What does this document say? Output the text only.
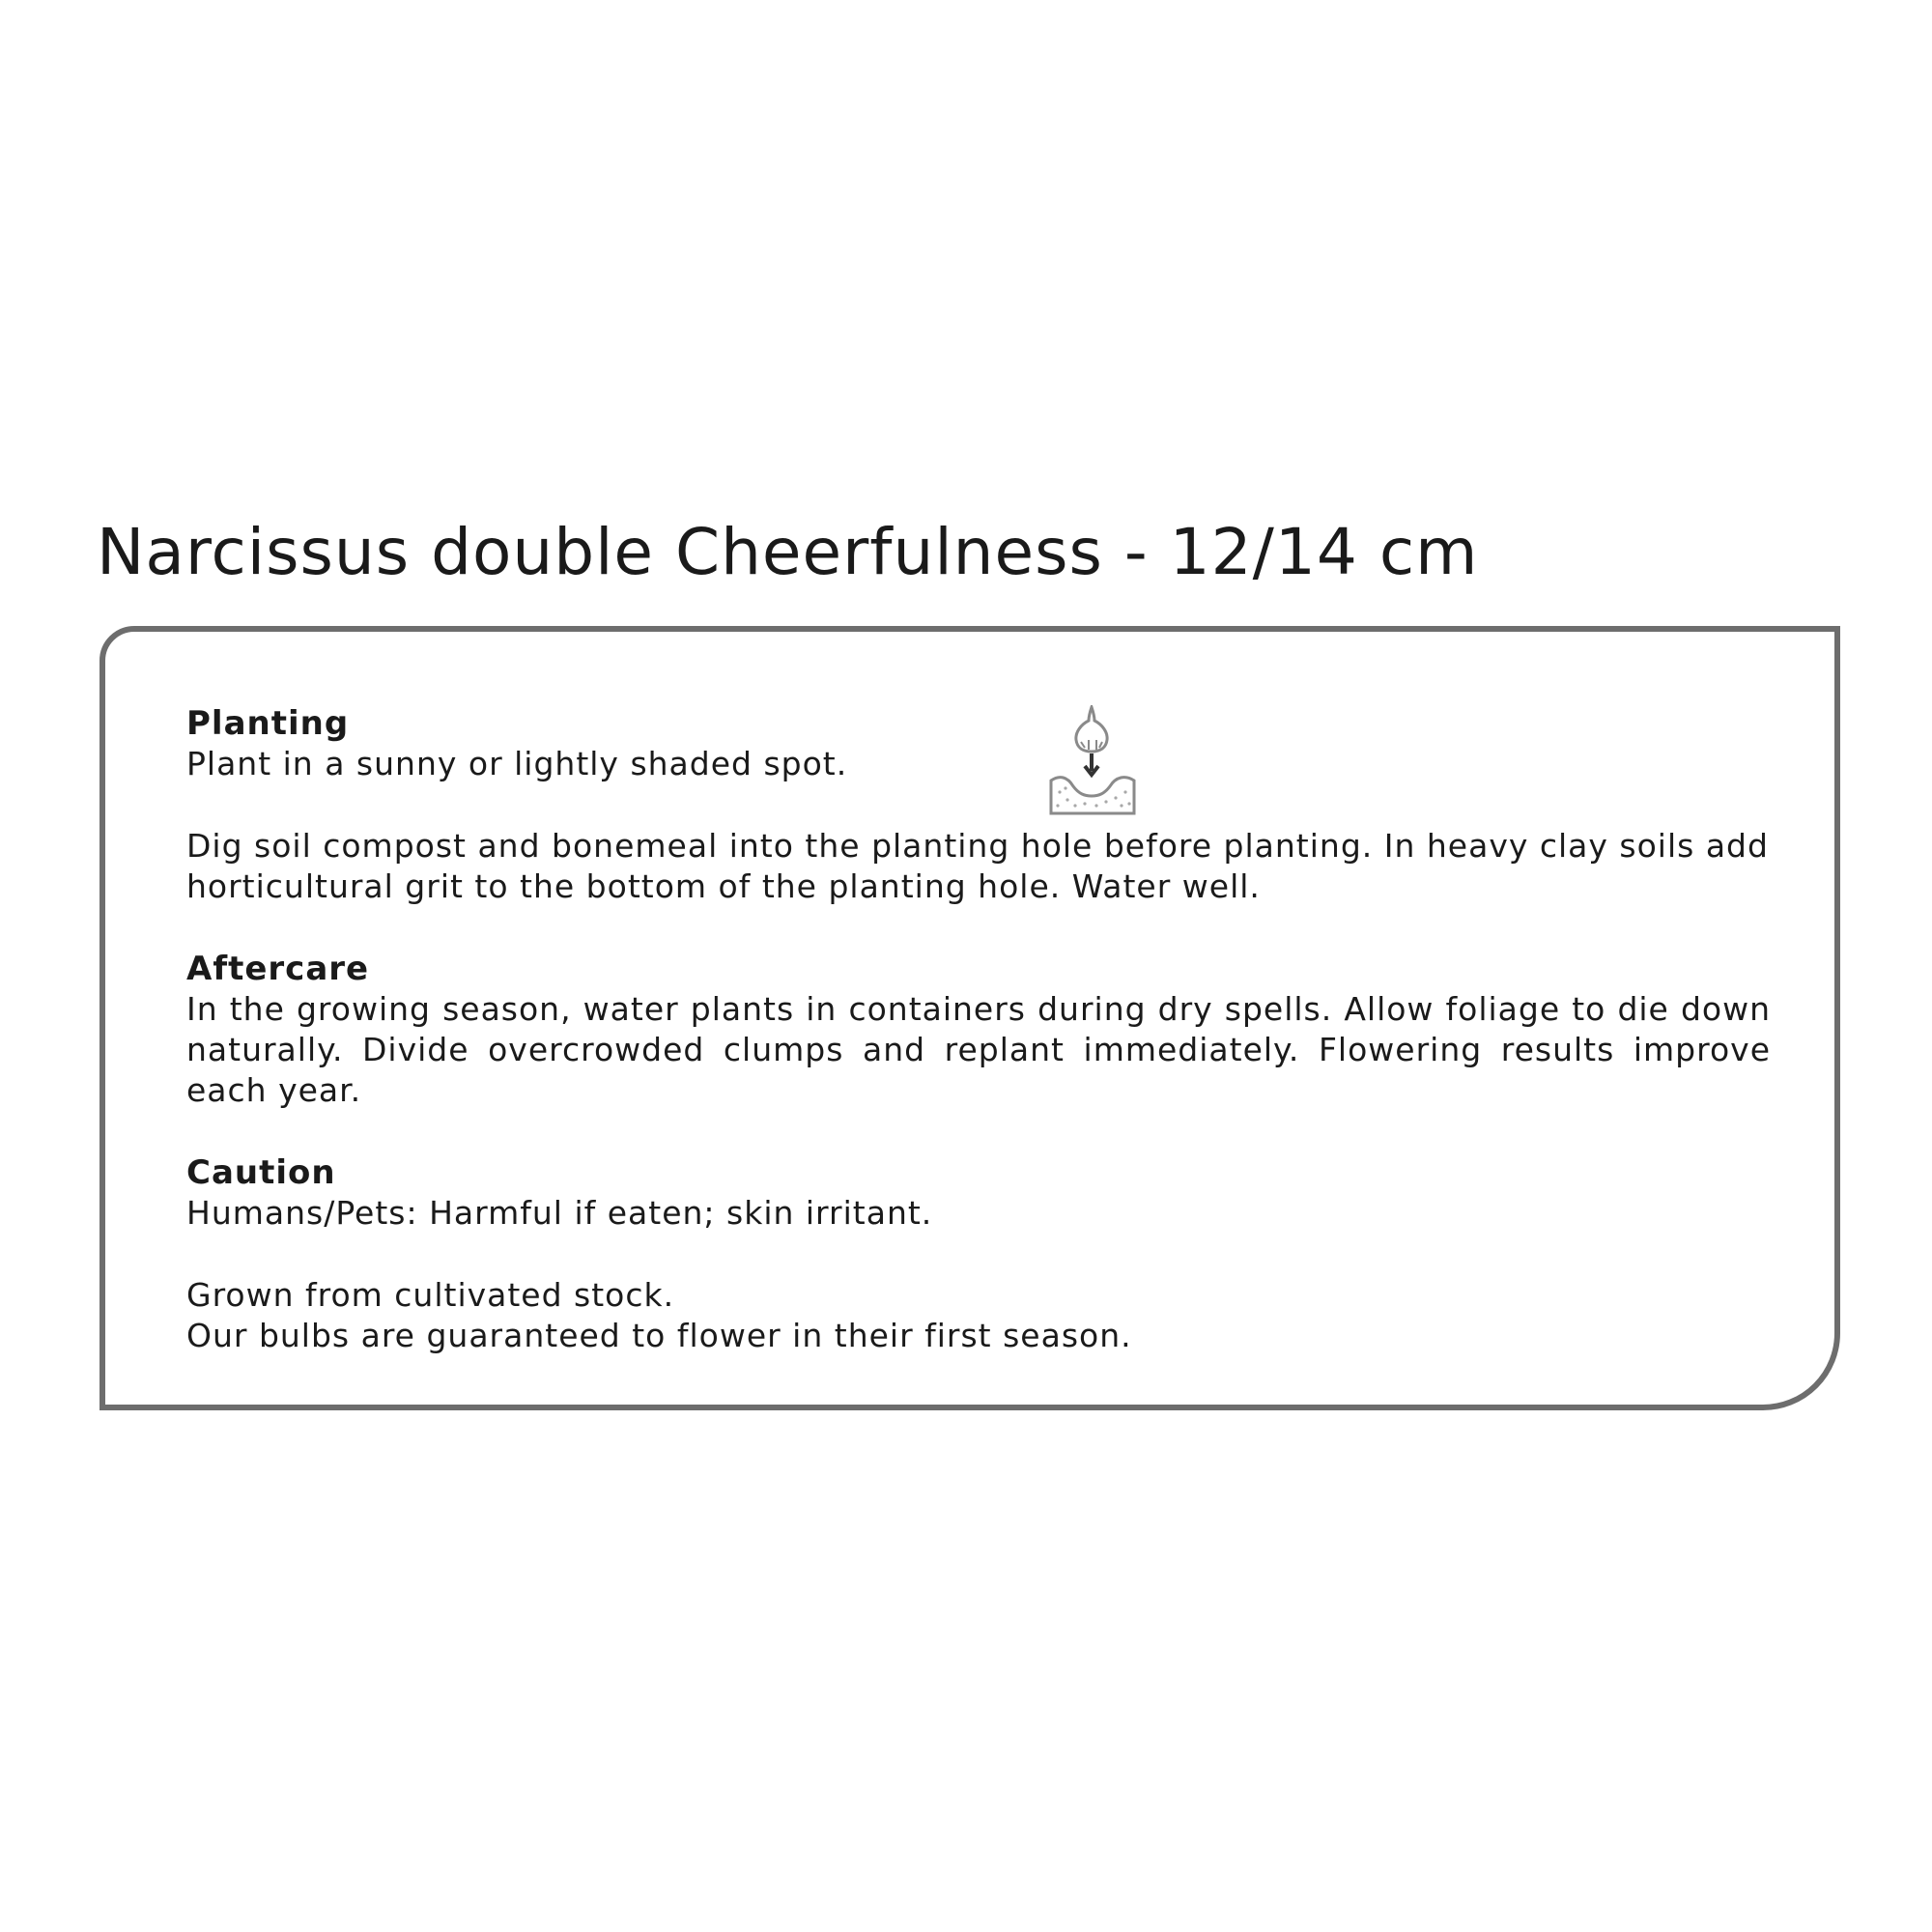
Narcissus double Cheerfulness - 12/14 cm

Planting

Plant in a sunny or lightly shaded spot.

Dig soil compost and bonemeal into the planting hole before planting. In heavy clay soils add horticultural grit to the bottom of the planting hole. Water well.

Aftercare

In the growing season, water plants in containers during dry spells. Allow foliage to die down naturally. Divide overcrowded clumps and replant immediately. Flowering results improve each year.

Caution

Humans/Pets: Harmful if eaten; skin irritant.

Grown from cultivated stock.

Our bulbs are guaranteed to flower in their first season.
